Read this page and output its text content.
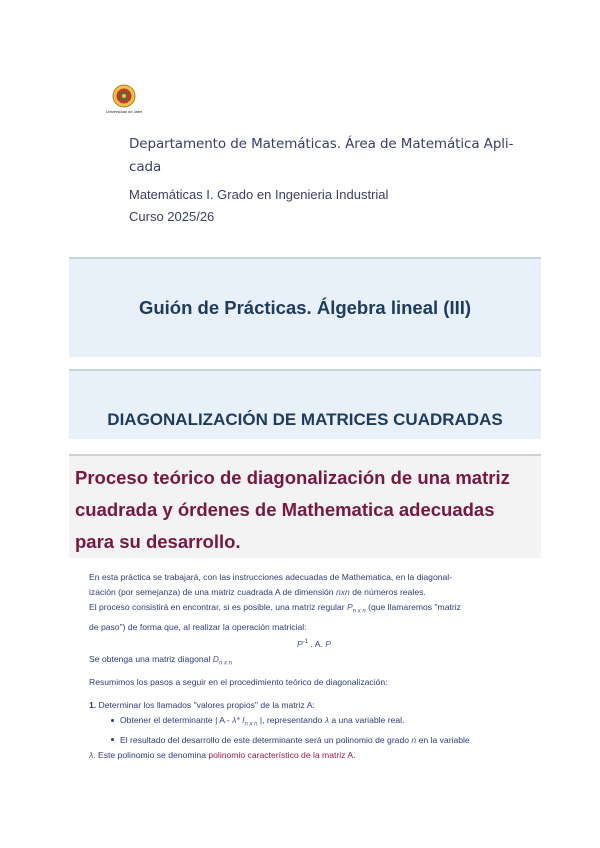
Universidad de Jaén
Departamento de Matemáticas. Área de Matemática Apli-
cada
Matemáticas I. Grado en Ingenieria Industrial
Curso 2025/26
Guión de Prácticas. Álgebra lineal (III)
DIAGONALIZACIÓN DE MATRICES CUADRADAS
Proceso teórico de diagonalización de una matriz
cuadrada y órdenes de Mathematica adecuadas
para su desarrollo.

En esta práctica se trabajará, con las instrucciones adecuadas de Mathematica, en la diagonal-

ización (por semejanza) de una matriz cuadrada A de dimensión nxn de números reales.

El proceso consistirá en encontrar, si es posible, una matriz regular $P_{n x n}$ (que llamaremos "matriz

de paso") de forma que, al realizar la operación matricial:

$P^{-1}$ . A. P

Se obtenga una matriz diagonal $D_{n x n}$

Resumimos los pasos a seguir en el procedimiento teórico de diagonalización:

1. Determinar los llamados "valores propios" de la matriz A:

Obtener el determinante | A - λ* $I_{n x n}$ |, representando λ a una variable real.

El resultado del desarrollo de este determinante será un polinomio de grado n en la variable

λ. Este polinomio se denomina polinomio característico de la matriz A.
